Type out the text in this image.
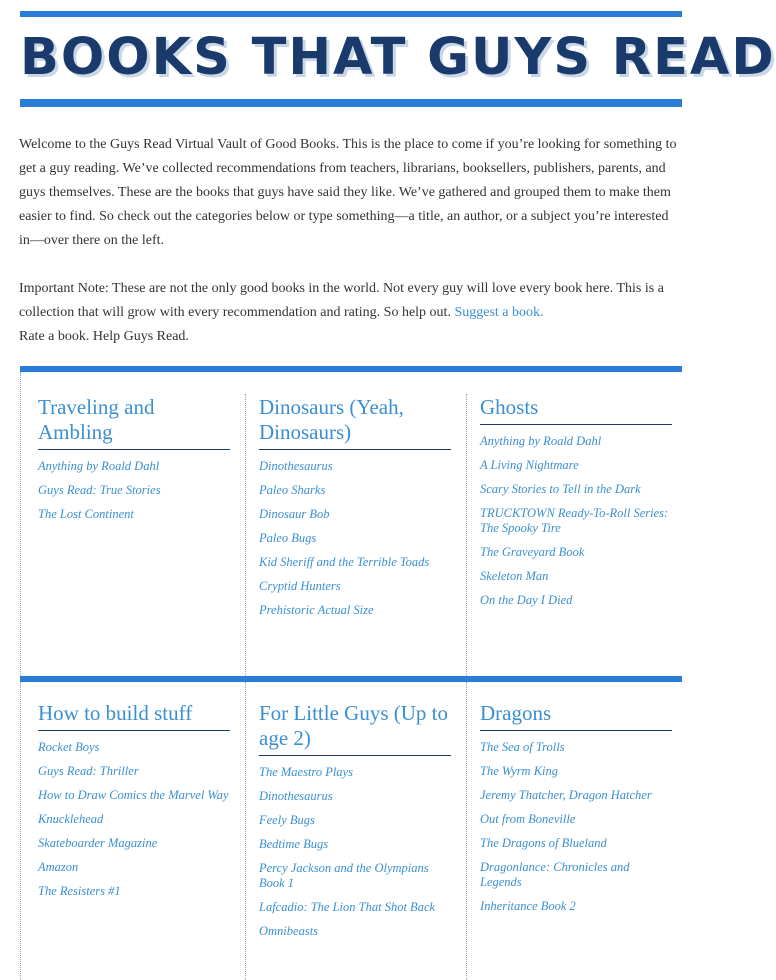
BOOKS THAT GUYS READ

Welcome to the Guys Read Virtual Vault of Good Books. This is the place to come if you’re looking for something to get a guy reading. We’ve collected recommendations from teachers, librarians, booksellers, publishers, parents, and guys themselves. These are the books that guys have said they like. We’ve gathered and grouped them to make them easier to find. So check out the categories below or type something—a title, an author, or a subject you’re interested in—over there on the left.

Important Note: These are not the only good books in the world. Not every guy will love every book here. This is a collection that will grow with every recommendation and rating. So help out. Suggest a book.
Rate a book. Help Guys Read.

Traveling and Ambling
Anything by Roald Dahl
Guys Read: True Stories
The Lost Continent
Dinosaurs (Yeah, Dinosaurs)
Dinothesaurus
Paleo Sharks
Dinosaur Bob
Paleo Bugs
Kid Sheriff and the Terrible Toads
Cryptid Hunters
Prehistoric Actual Size
Ghosts
Anything by Roald Dahl
A Living Nightmare
Scary Stories to Tell in the Dark
TRUCKTOWN Ready-To-Roll Series: The Spooky Tire
The Graveyard Book
Skeleton Man
On the Day I Died
How to build stuff
Rocket Boys
Guys Read: Thriller
How to Draw Comics the Marvel Way
Knucklehead
Skateboarder Magazine
Amazon
The Resisters #1
For Little Guys (Up to age 2)
The Maestro Plays
Dinothesaurus
Feely Bugs
Bedtime Bugs
Percy Jackson and the Olympians Book 1
Lafcadio: The Lion That Shot Back
Omnibeasts
Dragons
The Sea of Trolls
The Wyrm King
Jeremy Thatcher, Dragon Hatcher
Out from Boneville
The Dragons of Blueland
Dragonlance: Chronicles and Legends
Inheritance Book 2
